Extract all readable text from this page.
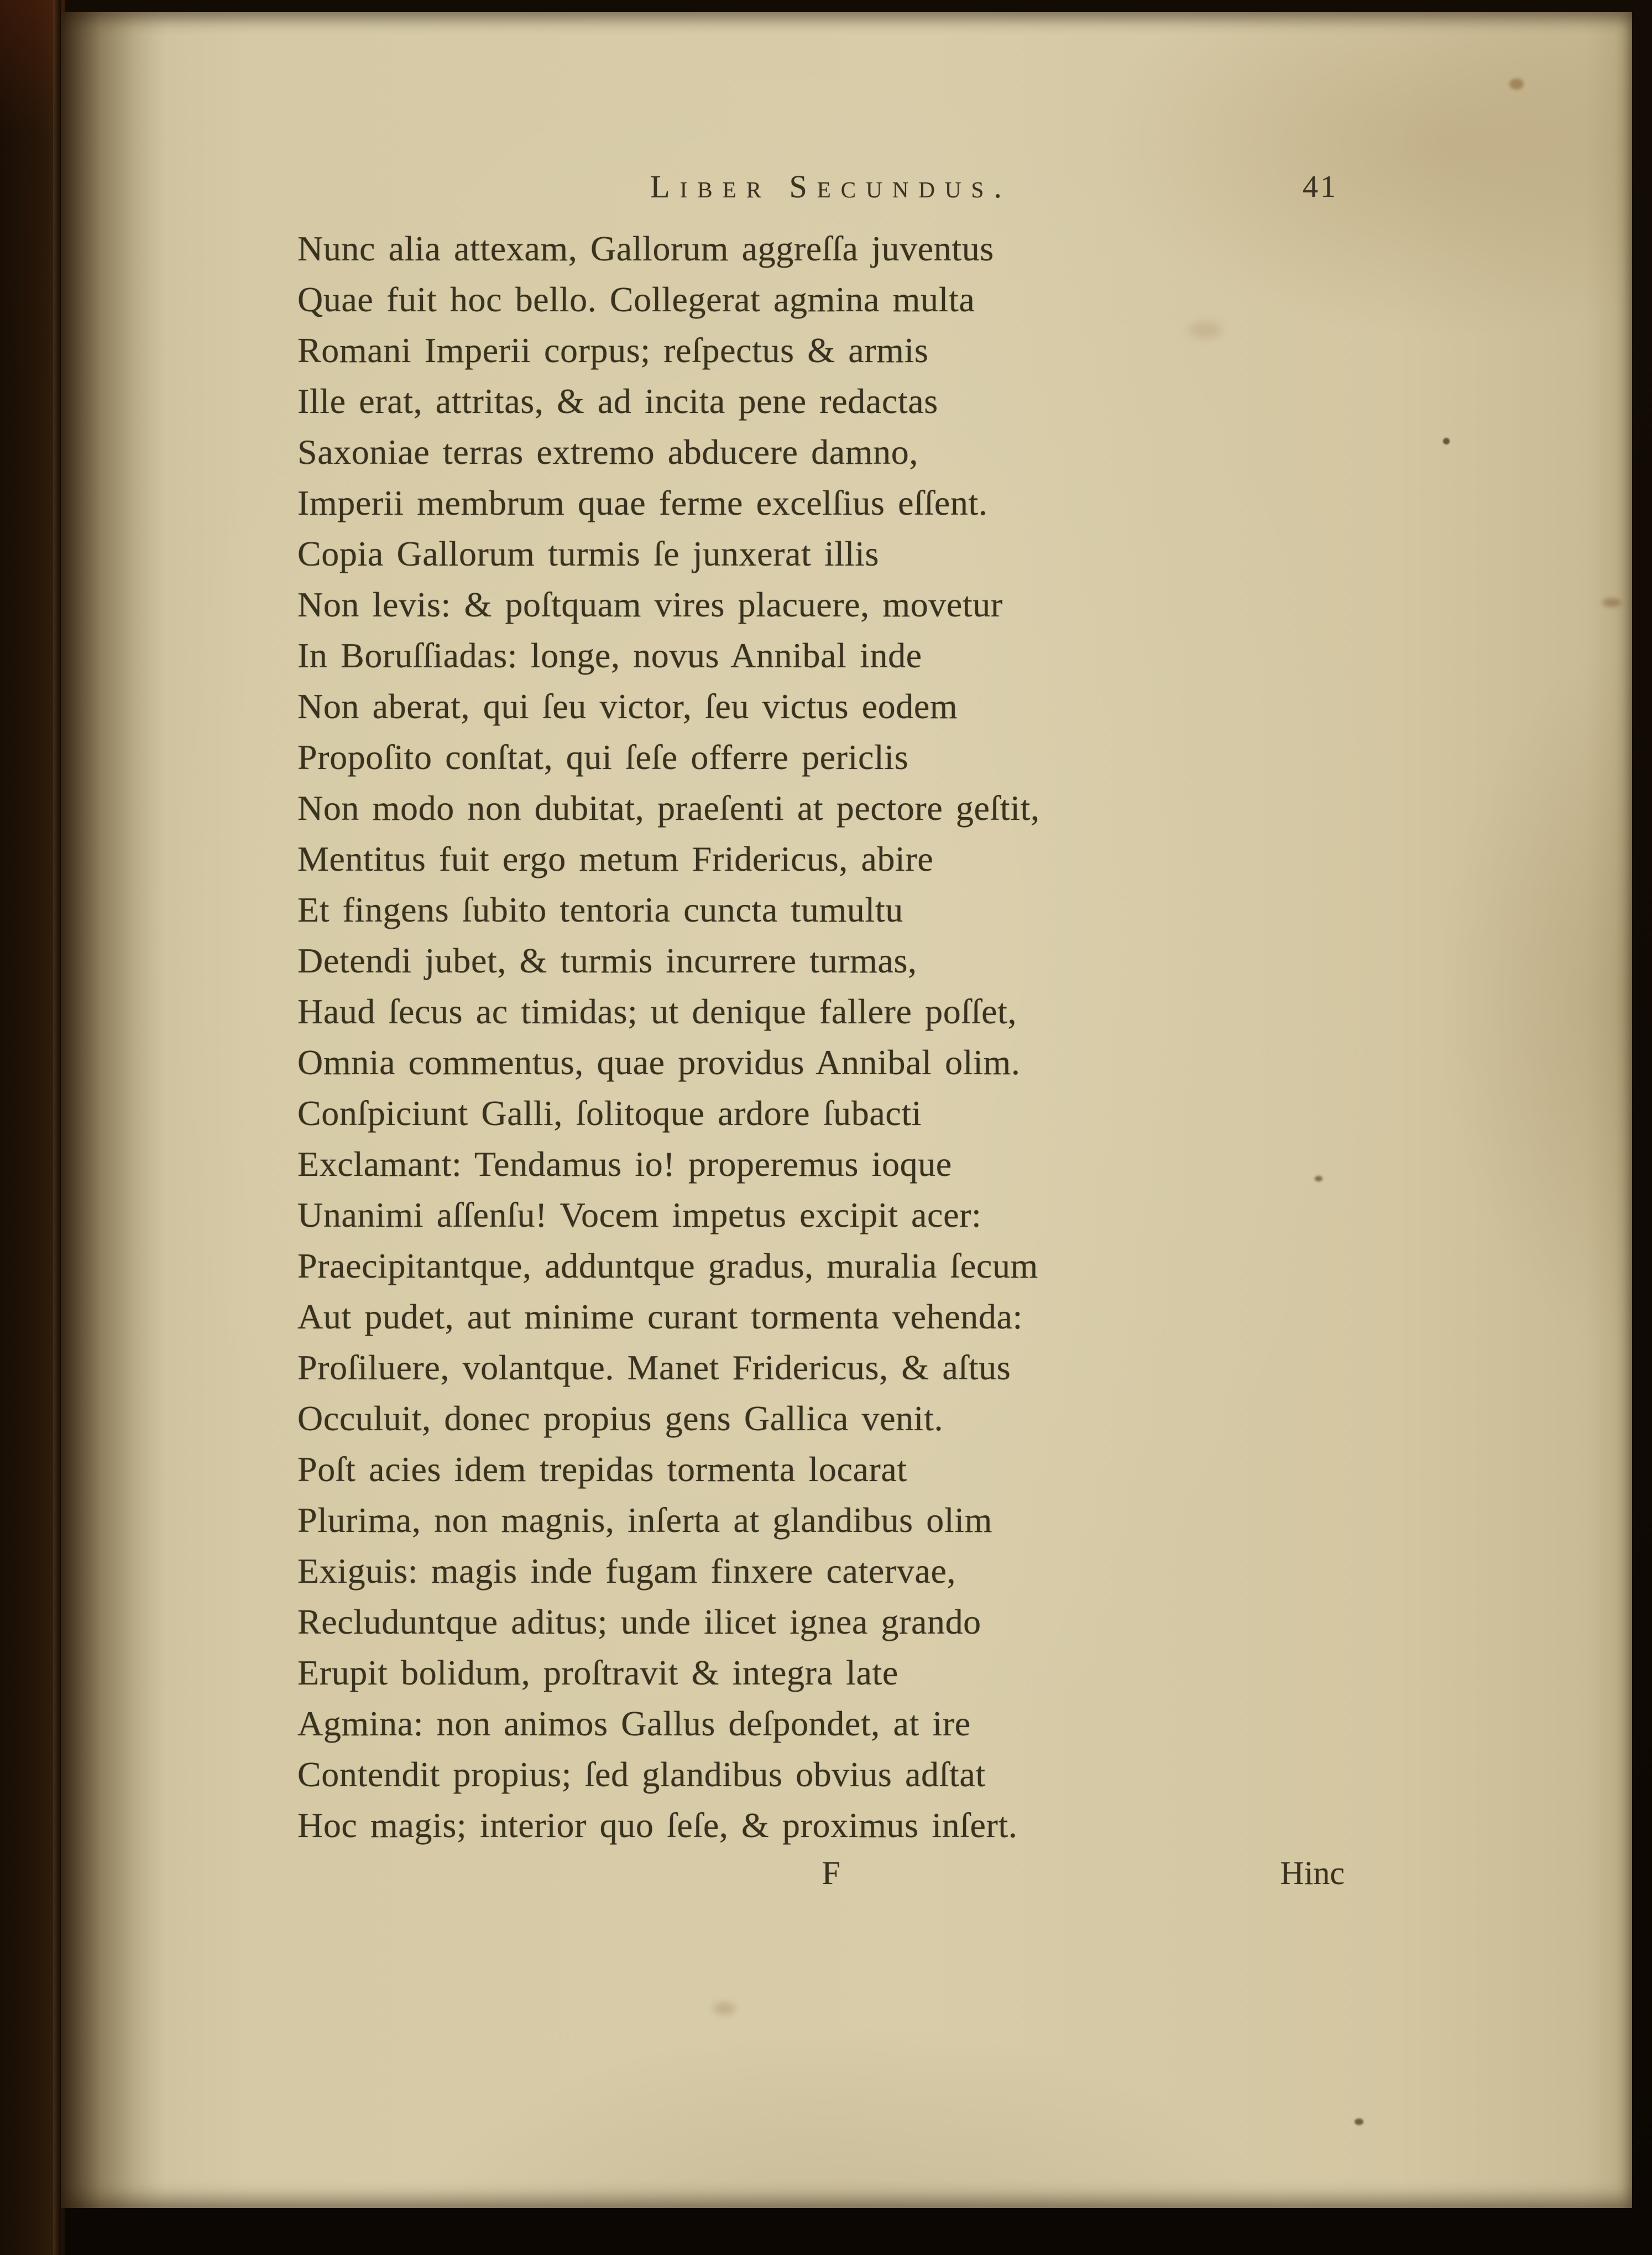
Liber Secundus.	41
Nunc alia attexam, Gallorum aggreſſa juventus
Quae fuit hoc bello. Collegerat agmina multa
Romani Imperii corpus; reſpectus & armis
Ille erat, attritas, & ad incita pene redactas
Saxoniae terras extremo abducere damno,
Imperii membrum quae ferme excelſius eſſent.
Copia Gallorum turmis ſe junxerat illis
Non levis: & poſtquam vires placuere, movetur
In Boruſſiadas: longe, novus Annibal inde
Non aberat, qui ſeu victor, ſeu victus eodem
Propoſito conſtat, qui ſeſe offerre periclis
Non modo non dubitat, praeſenti at pectore geſtit,
Mentitus fuit ergo metum Fridericus, abire
Et fingens ſubito tentoria cuncta tumultu
Detendi jubet, & turmis incurrere turmas,
Haud ſecus ac timidas; ut denique fallere poſſet,
Omnia commentus, quae providus Annibal olim.
Conſpiciunt Galli, ſolitoque ardore ſubacti
Exclamant: Tendamus io! properemus ioque
Unanimi aſſenſu! Vocem impetus excipit acer:
Praecipitantque, adduntque gradus, muralia ſecum
Aut pudet, aut minime curant tormenta vehenda:
Proſiluere, volantque. Manet Fridericus, & aſtus
Occuluit, donec propius gens Gallica venit.
Poſt acies idem trepidas tormenta locarat
Plurima, non magnis, inſerta at glandibus olim
Exiguis: magis inde fugam finxere catervae,
Recluduntque aditus; unde ilicet ignea grando
Erupit bolidum, proſtravit & integra late
Agmina: non animos Gallus deſpondet, at ire
Contendit propius; ſed glandibus obvius adſtat
Hoc magis; interior quo ſeſe, & proximus inſert.
F	Hinc
